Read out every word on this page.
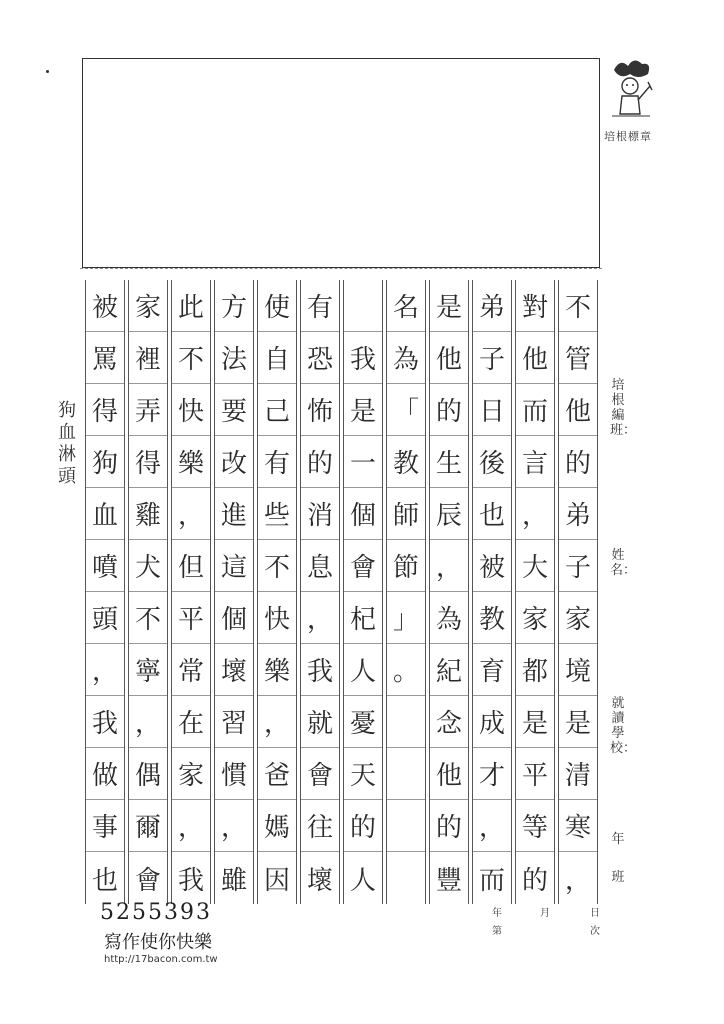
培根標章
培根編班：
姓名：
就讀學校：
年
班
不
管
他
的
弟
子
家
境
是
清
寒
，
對
他
而
言
，
大
家
都
是
平
等
的
弟
子
日
後
也
被
教
育
成
才
，
而
是
他
的
生
辰
，
為
紀
念
他
的
豐
名
為
「
教
師
節
」
。
我
是
一
個
會
杞
人
憂
天
的
人
有
恐
怖
的
消
息
，
我
就
會
往
壞
使
自
己
有
些
不
快
樂
，
爸
媽
因
方
法
要
改
進
這
個
壞
習
慣
，
雖
此
不
快
樂
，
但
平
常
在
家
，
我
家
裡
弄
得
雞
犬
不
寧
，
偶
爾
會
被
罵
得
狗
血
噴
頭
，
我
做
事
也
狗血淋頭
5255393
寫作使你快樂
http://17bacon.com.tw
年	月	日
第	次
